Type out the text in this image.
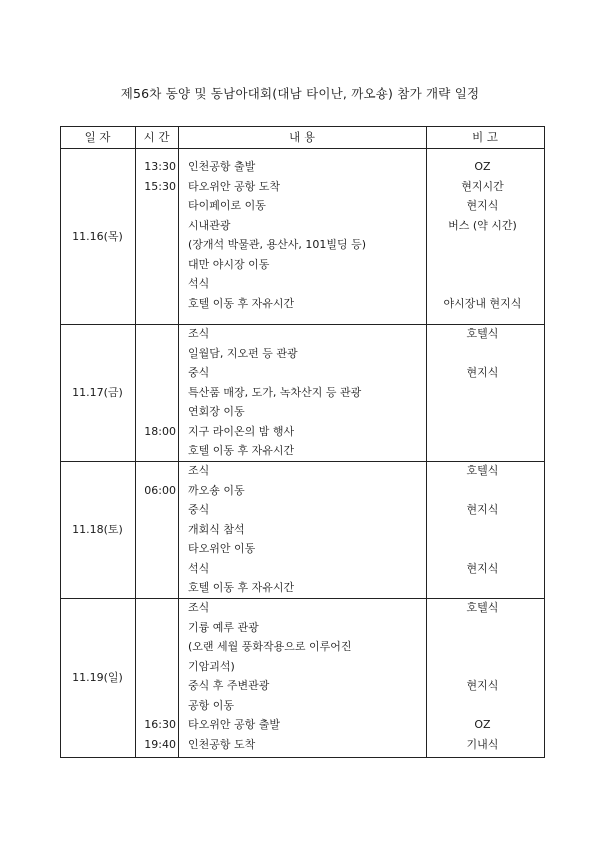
제56차 동양 및 동남아대회(대남 타이난, 까오숑) 참가 개략 일정
일 자	시 간	내 용	비 고
11.16(목)
13:30 인천공항 출발	OZ
15:30 타오위안 공항 도착	현지시간
타이페이로 이동	현지식
시내관광	버스 (약 시간)
(장개석 박물관, 용산사, 101빌딩 등)
대만 야시장 이동
석식
호텔 이동 후 자유시간	야시장내 현지식
11.17(금)
조식	호텔식
일월담, 지오펀 등 관광
중식	현지식
특산품 매장, 도가, 녹차산지 등 관광
연회장 이동
18:00 지구 라이온의 밤 행사
호텔 이동 후 자유시간
11.18(토)
조식	호텔식
06:00 까오숑 이동
중식	현지식
개회식 참석
타오위안 이동
석식	현지식
호텔 이동 후 자유시간
11.19(일)
조식	호텔식
기륭 예루 관광
(오랜 세월 풍화작용으로 이루어진
기암괴석)
중식 후 주변관광	현지식
공항 이동
16:30 타오위안 공항 출발	OZ
19:40 인천공항 도착	기내식
